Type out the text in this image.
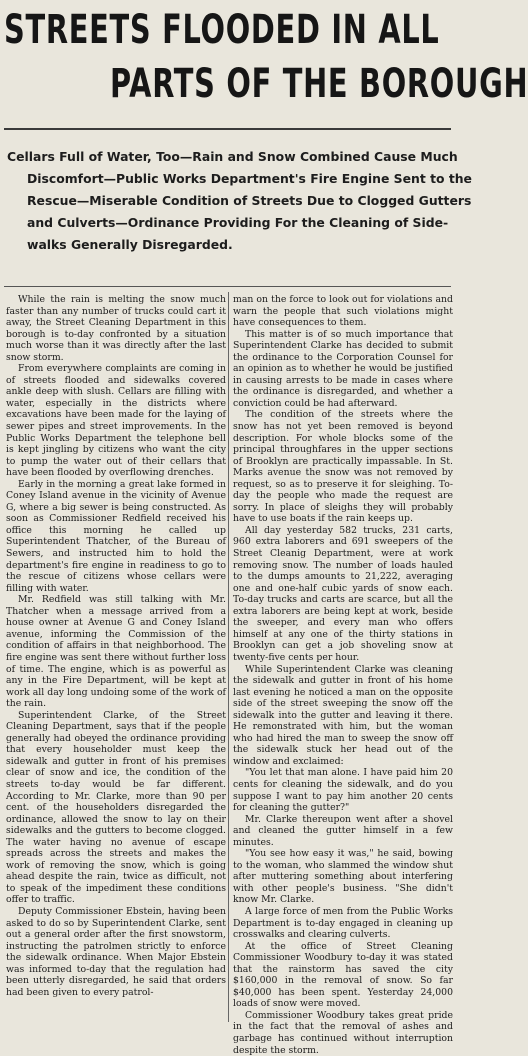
STREETS FLOODED IN ALL
PARTS OF THE BOROUGH
Cellars Full of Water, Too—Rain and Snow Combined Cause Much
Discomfort—Public Works Department's Fire Engine Sent to the
Rescue—Miserable Condition of Streets Due to Clogged Gutters
and Culverts—Ordinance Providing For the Cleaning of Side-
walks Generally Disregarded.

While the rain is melting the snow much faster than any number of trucks could cart it away, the Street Cleaning Department in this borough is to-day confronted by a situation much worse than it was directly after the last snow storm.

From everywhere complaints are coming in of streets flooded and sidewalks covered ankle deep with slush. Cellars are filling with water, especially in the districts where excavations have been made for the laying of sewer pipes and street improvements. In the Public Works Department the telephone bell is kept jingling by citizens who want the city to pump the water out of their cellars that have been flooded by overflowing drenches.

Early in the morning a great lake formed in Coney Island avenue in the vicinity of Avenue G, where a big sewer is being constructed. As soon as Commissioner Redfield received his office this morning he called up Superintendent Thatcher, of the Bureau of Sewers, and instructed him to hold the department's fire engine in readiness to go to the rescue of citizens whose cellars were filling with water.

Mr. Redfield was still talking with Mr. Thatcher when a message arrived from a house owner at Avenue G and Coney Island avenue, informing the Commission of the condition of affairs in that neighborhood. The fire engine was sent there without further loss of time. The engine, which is as powerful as any in the Fire Department, will be kept at work all day long undoing some of the work of the rain.

Superintendent Clarke, of the Street Cleaning Department, says that if the people generally had obeyed the ordinance providing that every householder must keep the sidewalk and gutter in front of his premises clear of snow and ice, the condition of the streets to-day would be far different. According to Mr. Clarke, more than 90 per cent. of the householders disregarded the ordinance, allowed the snow to lay on their sidewalks and the gutters to become clogged. The water having no avenue of escape spreads across the streets and makes the work of removing the snow, which is going ahead despite the rain, twice as difficult, not to speak of the impediment these conditions offer to traffic.

Deputy Commissioner Ebstein, having been asked to do so by Superintendent Clarke, sent out a general order after the first snowstorm, instructing the patrolmen strictly to enforce the sidewalk ordinance. When Major Ebstein was informed to-day that the regulation had been utterly disregarded, he said that orders had been given to every patrol-

man on the force to look out for violations and warn the people that such violations might have consequences to them.

This matter is of so much importance that Superintendent Clarke has decided to submit the ordinance to the Corporation Counsel for an opinion as to whether he would be justified in causing arrests to be made in cases where the ordinance is disregarded, and whether a conviction could be had afterward.

The condition of the streets where the snow has not yet been removed is beyond description. For whole blocks some of the principal throughfares in the upper sections of Brooklyn are practically impassable. In St. Marks avenue the snow was not removed by request, so as to preserve it for sleighing. To-day the people who made the request are sorry. In place of sleighs they will probably have to use boats if the rain keeps up.

All day yesterday 582 trucks, 231 carts, 960 extra laborers and 691 sweepers of the Street Cleanig Department, were at work removing snow. The number of loads hauled to the dumps amounts to 21,222, averaging one and one-half cubic yards of snow each. To-day trucks and carts are scarce, but all the extra laborers are being kept at work, beside the sweeper, and every man who offers himself at any one of the thirty stations in Brooklyn can get a job shoveling snow at twenty-five cents per hour.

While Superintendent Clarke was cleaning the sidewalk and gutter in front of his home last evening he noticed a man on the opposite side of the street sweeping the snow off the sidewalk into the gutter and leaving it there. He remonstrated with him, but the woman who had hired the man to sweep the snow off the sidewalk stuck her head out of the window and exclaimed:

"You let that man alone. I have paid him 20 cents for cleaning the sidewalk, and do you suppose I want to pay him another 20 cents for cleaning the gutter?"

Mr. Clarke thereupon went after a shovel and cleaned the gutter himself in a few minutes.

"You see how easy it was," he said, bowing to the woman, who slammed the window shut after muttering something about interfering with other people's business. "She didn't know Mr. Clarke.

A large force of men from the Public Works Department is to-day engaged in cleaning up crosswalks and clearing culverts.

At the office of Street Cleaning Commissioner Woodbury to-day it was stated that the rainstorm has saved the city $160,000 in the removal of snow. So far $40,000 has been spent. Yesterday 24,000 loads of snow were moved.

Commissioner Woodbury takes great pride in the fact that the removal of ashes and garbage has continued without interruption despite the storm.
